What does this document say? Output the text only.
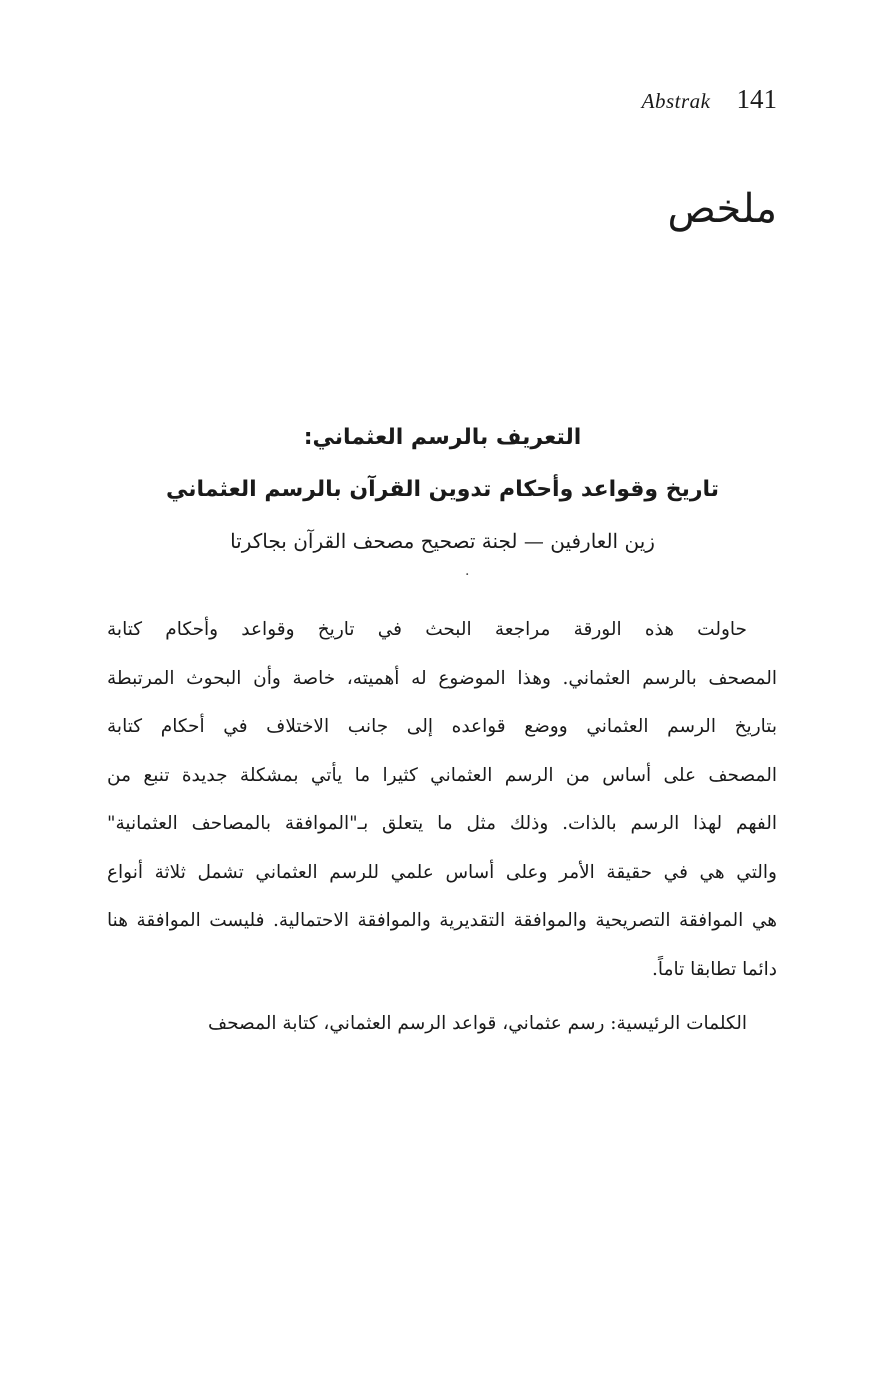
Abstrak 141
ملخص
التعريف بالرسم العثماني:
تاريخ وقواعد وأحكام تدوين القرآن بالرسم العثماني
زين العارفين — لجنة تصحيح مصحف القرآن بجاكرتا
·
حاولت هذه الورقة مراجعة البحث في تاريخ وقواعد وأحكام كتابة
المصحف بالرسم العثماني. وهذا الموضوع له أهميته، خاصة وأن البحوث المرتبطة
بتاريخ الرسم العثماني ووضع قواعده إلى جانب الاختلاف في أحكام كتابة
المصحف على أساس من الرسم العثماني كثيرا ما يأتي بمشكلة جديدة تنبع من
الفهم لهذا الرسم بالذات. وذلك مثل ما يتعلق بـ"الموافقة بالمصاحف العثمانية"
والتي هي في حقيقة الأمر وعلى أساس علمي للرسم العثماني تشمل ثلاثة أنواع
هي الموافقة التصريحية والموافقة التقديرية والموافقة الاحتمالية. فليست الموافقة هنا
دائما تطابقا تاماً.
الكلمات الرئيسية: رسم عثماني، قواعد الرسم العثماني، كتابة المصحف
